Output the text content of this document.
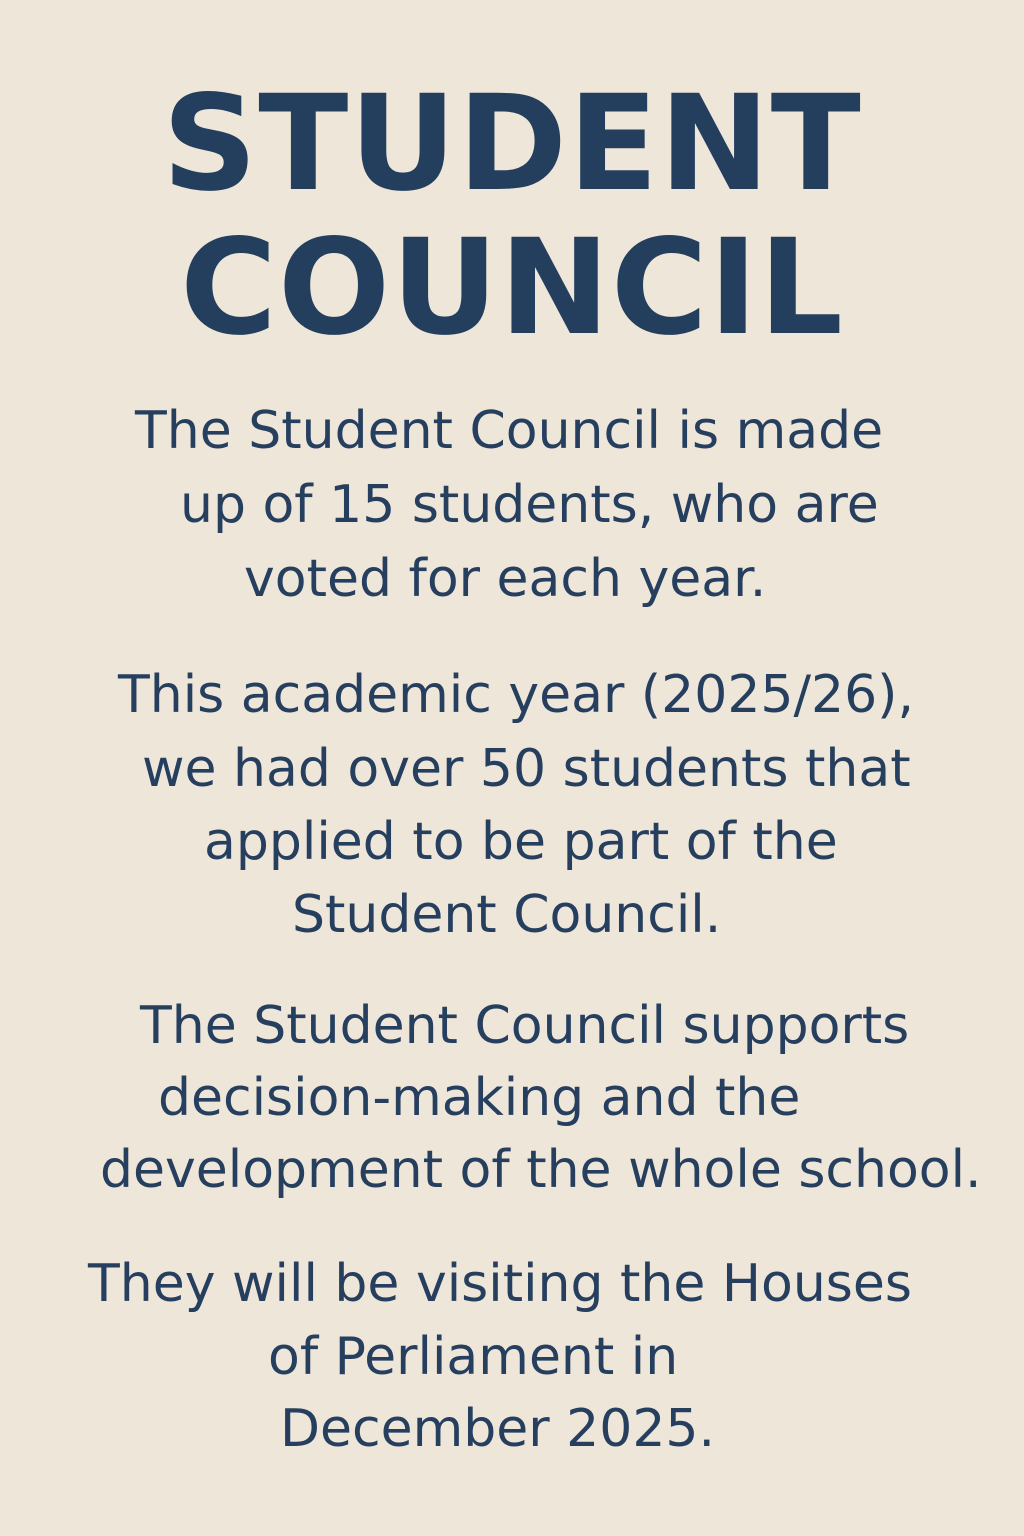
STUDENT
COUNCIL
The Student Council is made
up of 15 students, who are
voted for each year.
This academic year (2025/26),
we had over 50 students that
applied to be part of the
Student Council.
The Student Council supports
decision-making and the
development of the whole school.
They will be visiting the Houses
of Perliament in
December 2025.
